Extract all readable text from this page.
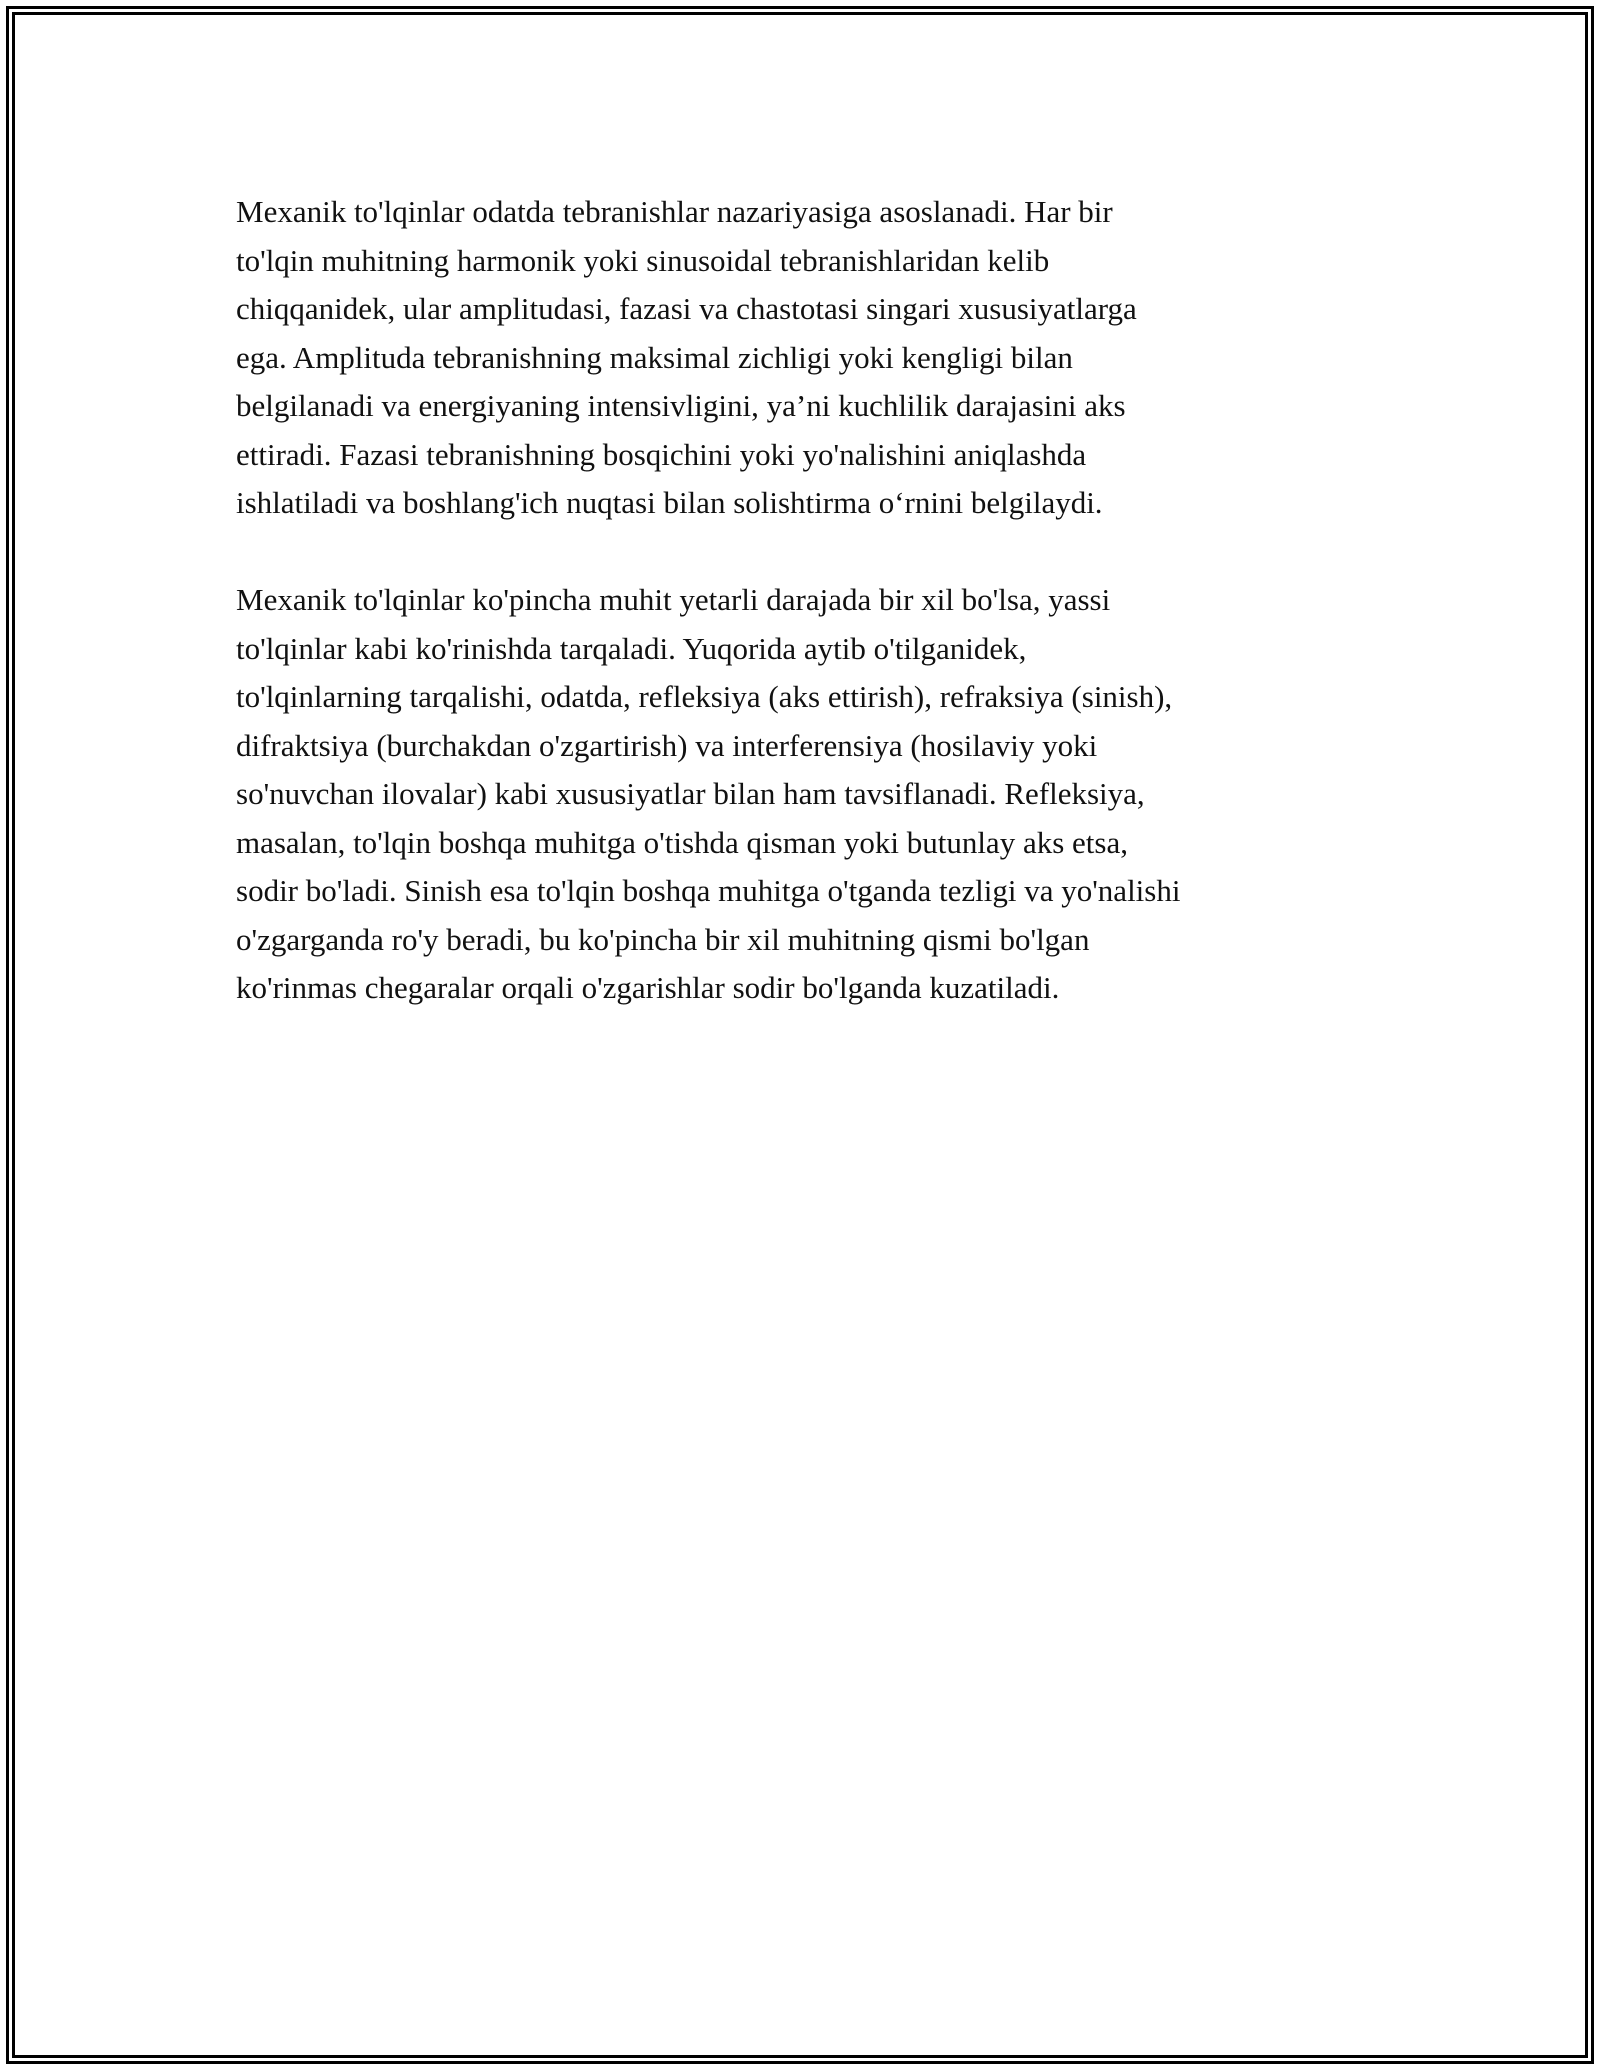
Mexanik to'lqinlar odatda tebranishlar nazariyasiga asoslanadi. Har bir
to'lqin muhitning harmonik yoki sinusoidal tebranishlaridan kelib
chiqqanidek, ular amplitudasi, fazasi va chastotasi singari xususiyatlarga
ega. Amplituda tebranishning maksimal zichligi yoki kengligi bilan
belgilanadi va energiyaning intensivligini, ya’ni kuchlilik darajasini aks
ettiradi. Fazasi tebranishning bosqichini yoki yo'nalishini aniqlashda
ishlatiladi va boshlang'ich nuqtasi bilan solishtirma o‘rnini belgilaydi.

Mexanik to'lqinlar ko'pincha muhit yetarli darajada bir xil bo'lsa, yassi
to'lqinlar kabi ko'rinishda tarqaladi. Yuqorida aytib o'tilganidek,
to'lqinlarning tarqalishi, odatda, refleksiya (aks ettirish), refraksiya (sinish),
difraktsiya (burchakdan o'zgartirish) va interferensiya (hosilaviy yoki
so'nuvchan ilovalar) kabi xususiyatlar bilan ham tavsiflanadi. Refleksiya,
masalan, to'lqin boshqa muhitga o'tishda qisman yoki butunlay aks etsa,
sodir bo'ladi. Sinish esa to'lqin boshqa muhitga o'tganda tezligi va yo'nalishi
o'zgarganda ro'y beradi, bu ko'pincha bir xil muhitning qismi bo'lgan
ko'rinmas chegaralar orqali o'zgarishlar sodir bo'lganda kuzatiladi.
